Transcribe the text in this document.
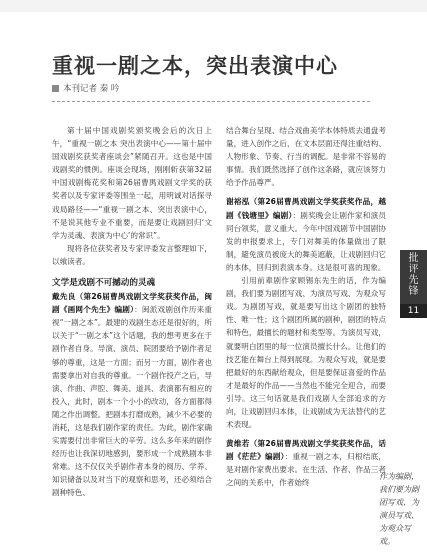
重视一剧之本，突出表演中心
本刊记者 秦 吟

第十届中国戏剧奖颁奖晚会后的次日上午，“重视一剧之本 突出表演中心——第十届中国戏剧奖获奖者座谈会”紧随召开。这也是中国戏剧奖的惯例。座谈会现场，刚刚斩获第32届中国戏剧梅花奖和第26届曹禺戏剧文学奖的获奖者以及专家评委等围坐一起，用明诚对话探寻戏局路径——“重视一剧之本、突出表演中心，不是说其他专业不重要，而是要让戏剧回归‘文学为灵魂、表演为中心’的常识”。

现将各位获奖者及专家评委发言整理如下，以飨读者。

文学是戏剧不可撼动的灵魂

戴先良（第26届曹禺戏剧文学奖获奖作品，闽剧《画网个先生》编剧）：闽派戏剧创作历来重视“一剧之本”。最建的戏剧生态还是很好的，所以关于“一剧之本”这个话题，我的想考更多在于剧作者自身。导演、演员、院团要给予剧作者足够的尊重，这是一方面；而另一方面，剧作者也需要拿出对自我的尊重。一个剧作投产之后，导演、作曲、声腔、舞美、道具、表演都有相应的投入，此时，剧本一个小小的改动，各方面都得随之作出调整。把剧本打磨成熟，减少不必要的消耗，这是我们剧作家的责任。为此，剧作家确实需要付出非常巨大的辛劳。这么多年来的剧作经历也让我深切地感到，要形成一个成熟剧本非常难。这不仅仅关乎剧作者本身的阅历、学养、知识储备以及对当下的观察和思考，还必须结合剧种特色、

结合舞台呈现、结合戏曲美学本体特质去通盘考量，进入创作之后，在文本层面还得注重结构、人物形象、节奏、行当的调配。是非常不容易的事情。我们既然选择了创作这条路，就应该努力给予作品尊严。

谢裕泓（第26届曹禺戏剧文学奖获奖作品，越剧《钱塘里》编剧）：剧奖晚会让剧作家和演员同台领奖，意义重大。今年中国戏剧节中国剧协发的申报要求上，专门对舞美的体量做出了限制，避免演员被庞大的舞美遮蔽，让戏剧回归它的本体，回归到表演本身。这是很可喜的现象。

引用前辈剧作家顾锡东先生的话，作为编剧，我们要为剧团写戏、为演员写戏、为观众写戏。为剧团写戏，就是要写出这个剧团的独特性、唯一性；这个剧团所属的剧种，剧团的特点和特色，最擅长的题材和类型等。为演员写戏，就要明白团里的每一位演员擅长什么。让他们的技艺能在舞台上得到展现。为观众写戏，就是要把最好的东西献给观众，但是要保证喜爱的作品才是最好的作品——当然也不能完全迎合，而要引导。这三句话就是我们戏剧人全部追求的方向，让戏剧回归本体，让戏剧成为无法替代的艺术表现。

黄维若（第26届曹禺戏剧文学奖获奖作品，话剧《茫茫》编剧）：重视一剧之本，归根结底，是对剧作家费出要求。在生活、作者、作品三者之间的关系中，作者始终

批
评
先
锋
11
作为编剧，我们要为剧团写戏、为演员写戏、为观众写戏。
